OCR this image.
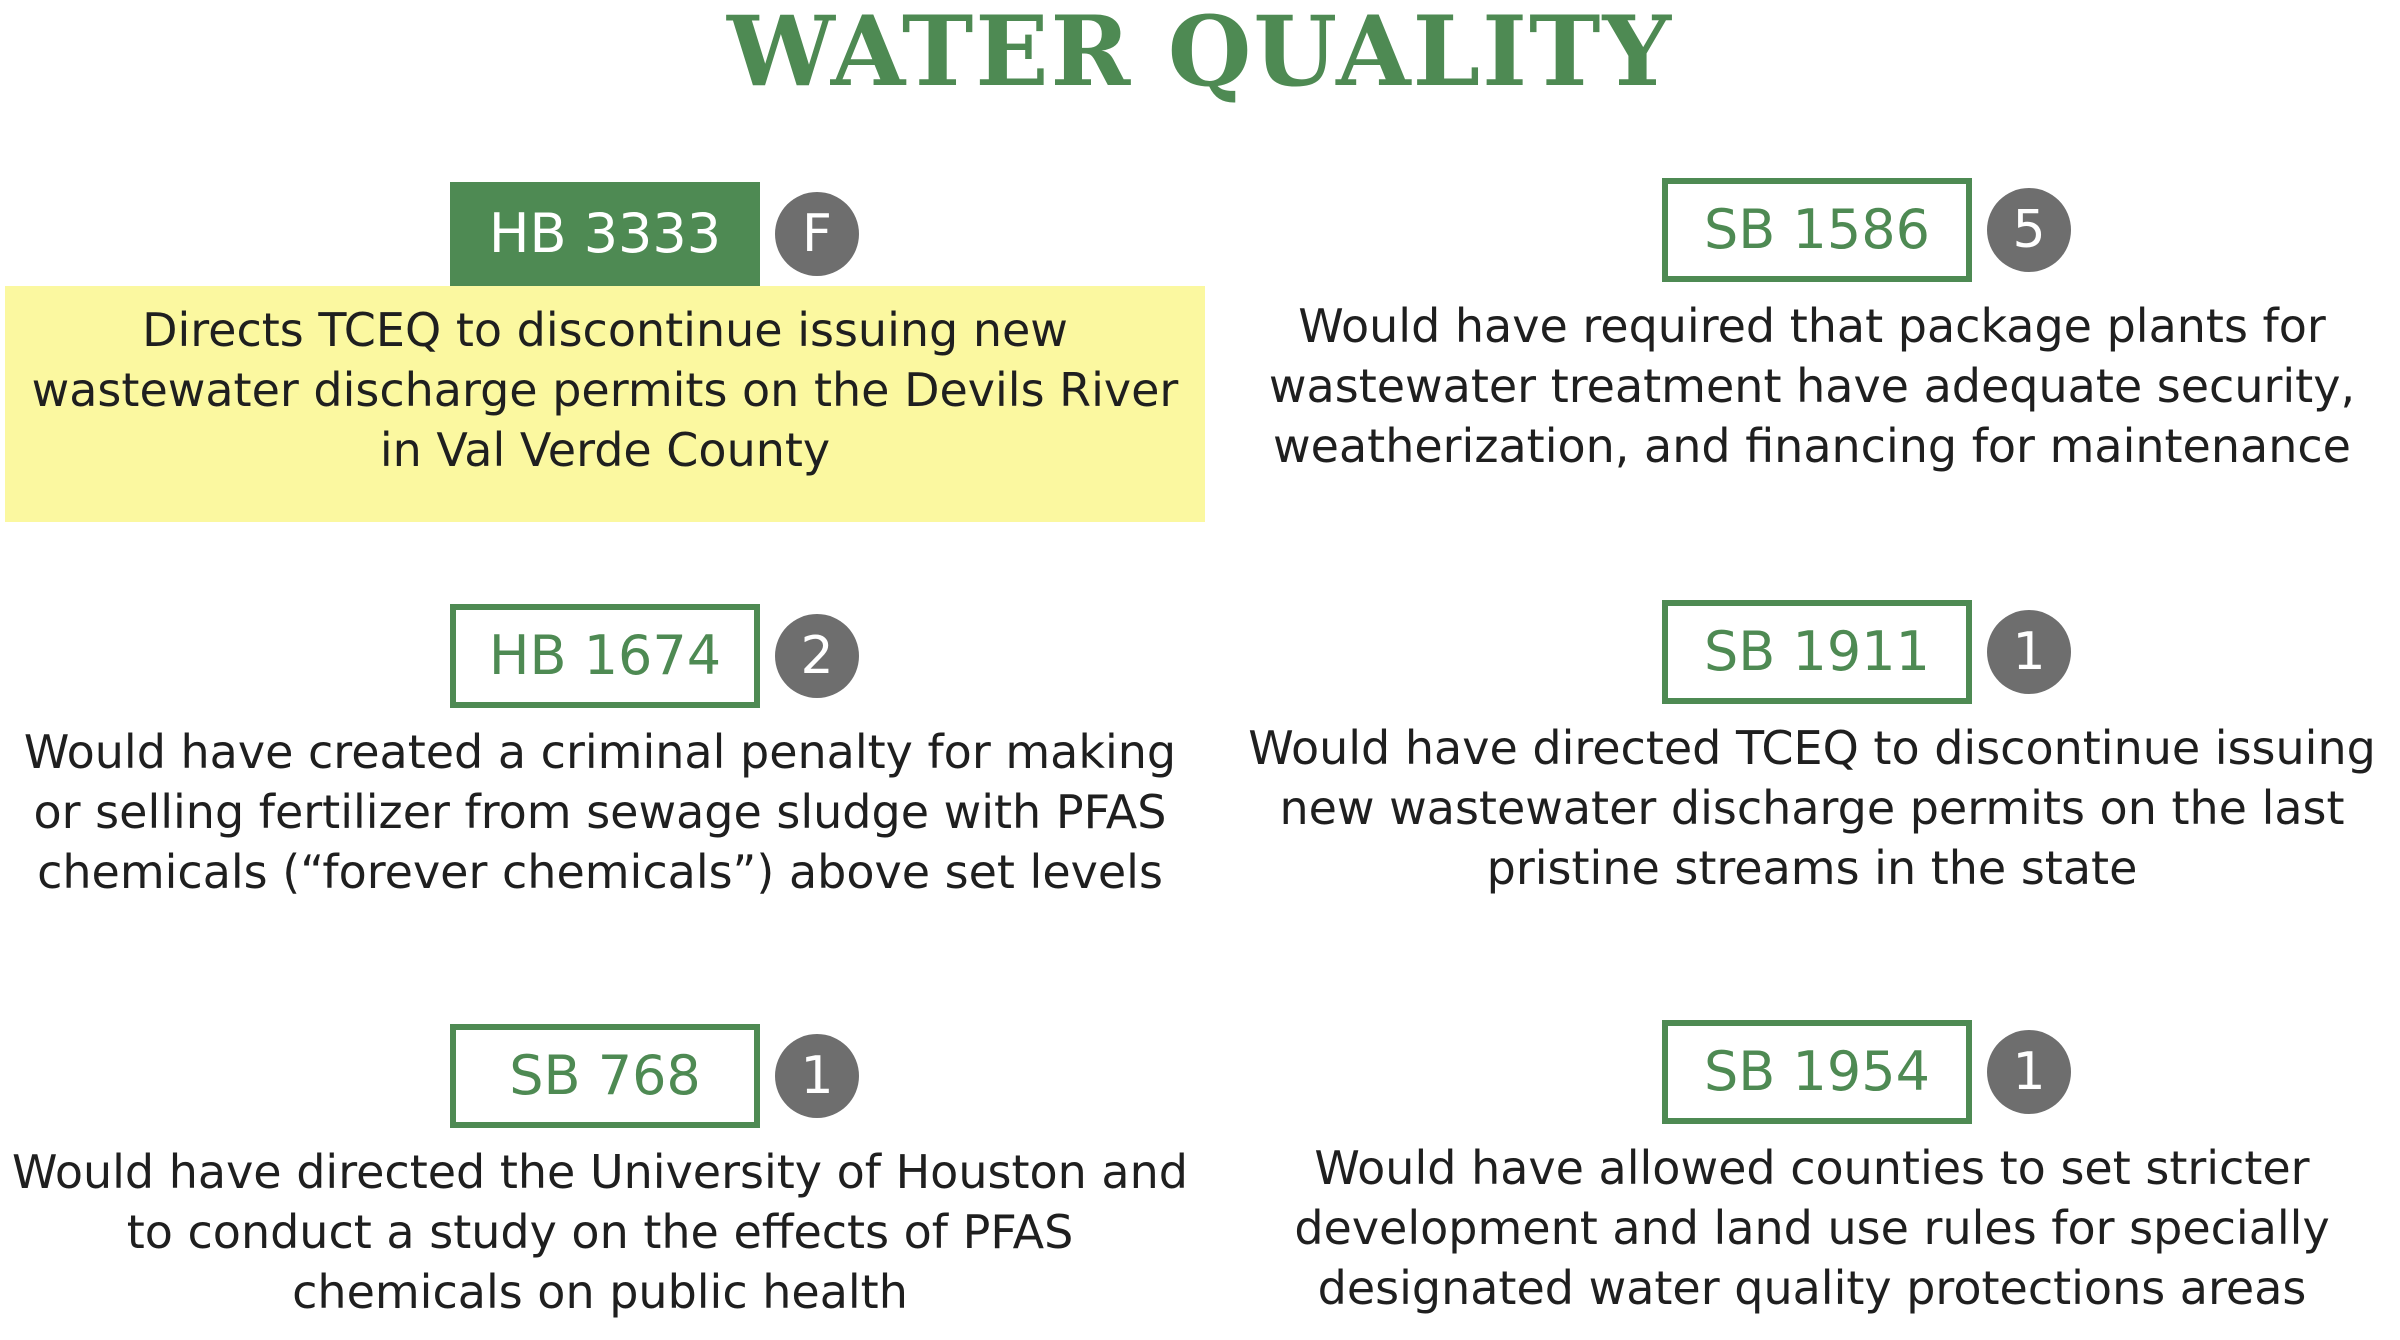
WATER QUALITY
HB 3333	F
Directs TCEQ to discontinue issuing new
wastewater discharge permits on the Devils River
in Val Verde County
SB 1586	5
Would have required that package plants for
wastewater treatment have adequate security,
weatherization, and financing for maintenance
HB 1674	2
Would have created a criminal penalty for making
or selling fertilizer from sewage sludge with PFAS
chemicals (“forever chemicals”) above set levels
SB 1911	1
Would have directed TCEQ to discontinue issuing
new wastewater discharge permits on the last
pristine streams in the state
SB 768	1
Would have directed the University of Houston and
to conduct a study on the effects of PFAS
chemicals on public health
SB 1954	1
Would have allowed counties to set stricter
development and land use rules for specially
designated water quality protections areas
